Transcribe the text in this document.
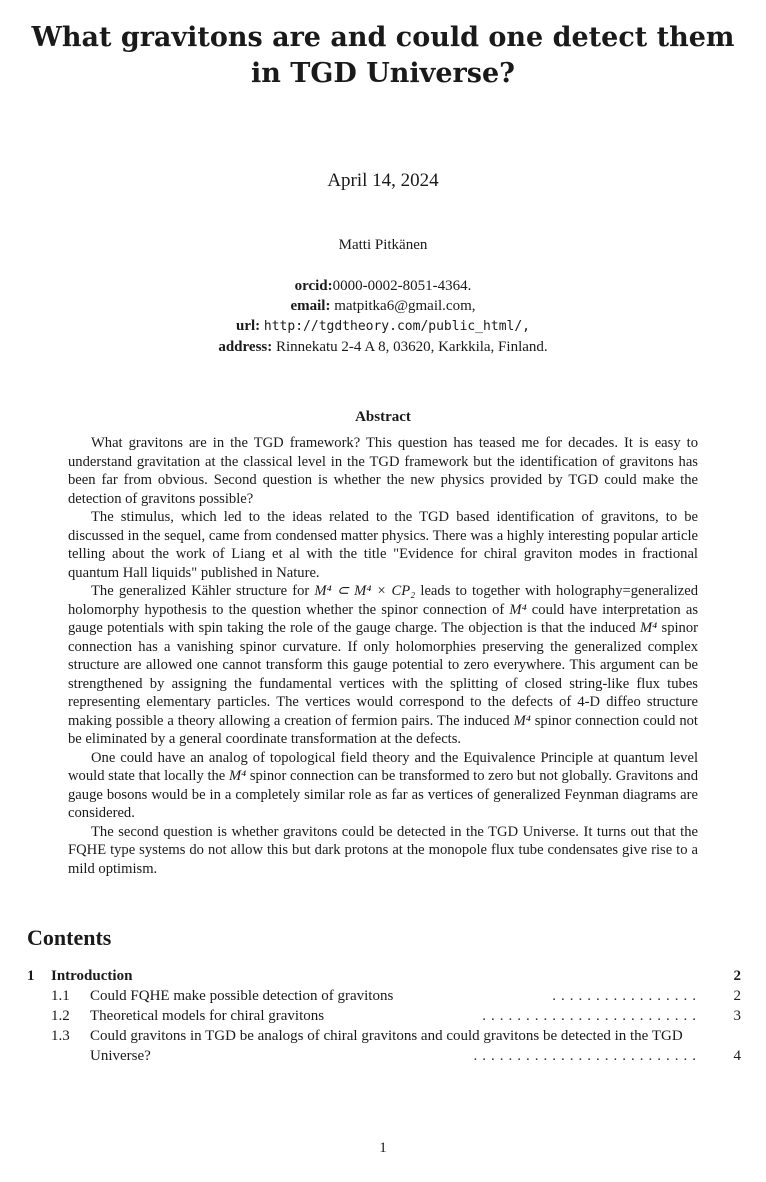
What gravitons are and could one detect them in TGD Universe?
April 14, 2024
Matti Pitkänen
orcid:0000-0002-8051-4364.
email: matpitka6@gmail.com,
url: http://tgdtheory.com/public_html/,
address: Rinnekatu 2-4 A 8, 03620, Karkkila, Finland.
Abstract

What gravitons are in the TGD framework? This question has teased me for decades. It is easy to understand gravitation at the classical level in the TGD framework but the identification of gravitons has been far from obvious. Second question is whether the new physics provided by TGD could make the detection of gravitons possible?

The stimulus, which led to the ideas related to the TGD based identification of gravitons, to be discussed in the sequel, came from condensed matter physics. There was a highly interesting popular article telling about the work of Liang et al with the title "Evidence for chiral graviton modes in fractional quantum Hall liquids" published in Nature.

The generalized Kähler structure for M⁴ ⊂ M⁴ × CP₂ leads to together with holography=generalized holomorphy hypothesis to the question whether the spinor connection of M⁴ could have interpretation as gauge potentials with spin taking the role of the gauge charge. The objection is that the induced M⁴ spinor connection has a vanishing spinor curvature. If only holomorphies preserving the generalized complex structure are allowed one cannot transform this gauge potential to zero everywhere. This argument can be strengthened by assigning the fundamental vertices with the splitting of closed string-like flux tubes representing elementary particles. The vertices would correspond to the defects of 4-D diffeo structure making possible a theory allowing a creation of fermion pairs. The induced M⁴ spinor connection could not be eliminated by a general coordinate transformation at the defects.

One could have an analog of topological field theory and the Equivalence Principle at quantum level would state that locally the M⁴ spinor connection can be transformed to zero but not globally. Gravitons and gauge bosons would be in a completely similar role as far as vertices of generalized Feynman diagrams are considered.

The second question is whether gravitons could be detected in the TGD Universe. It turns out that the FQHE type systems do not allow this but dark protons at the monopole flux tube condensates give rise to a mild optimism.

Contents
1 Introduction	2
1.1 Could FQHE make possible detection of gravitons	................. 2
1.2 Theoretical models for chiral gravitons	......................... 3
1.3 Could gravitons in TGD be analogs of chiral gravitons and could gravitons be detected in the TGD Universe?	.......................... 4
1
